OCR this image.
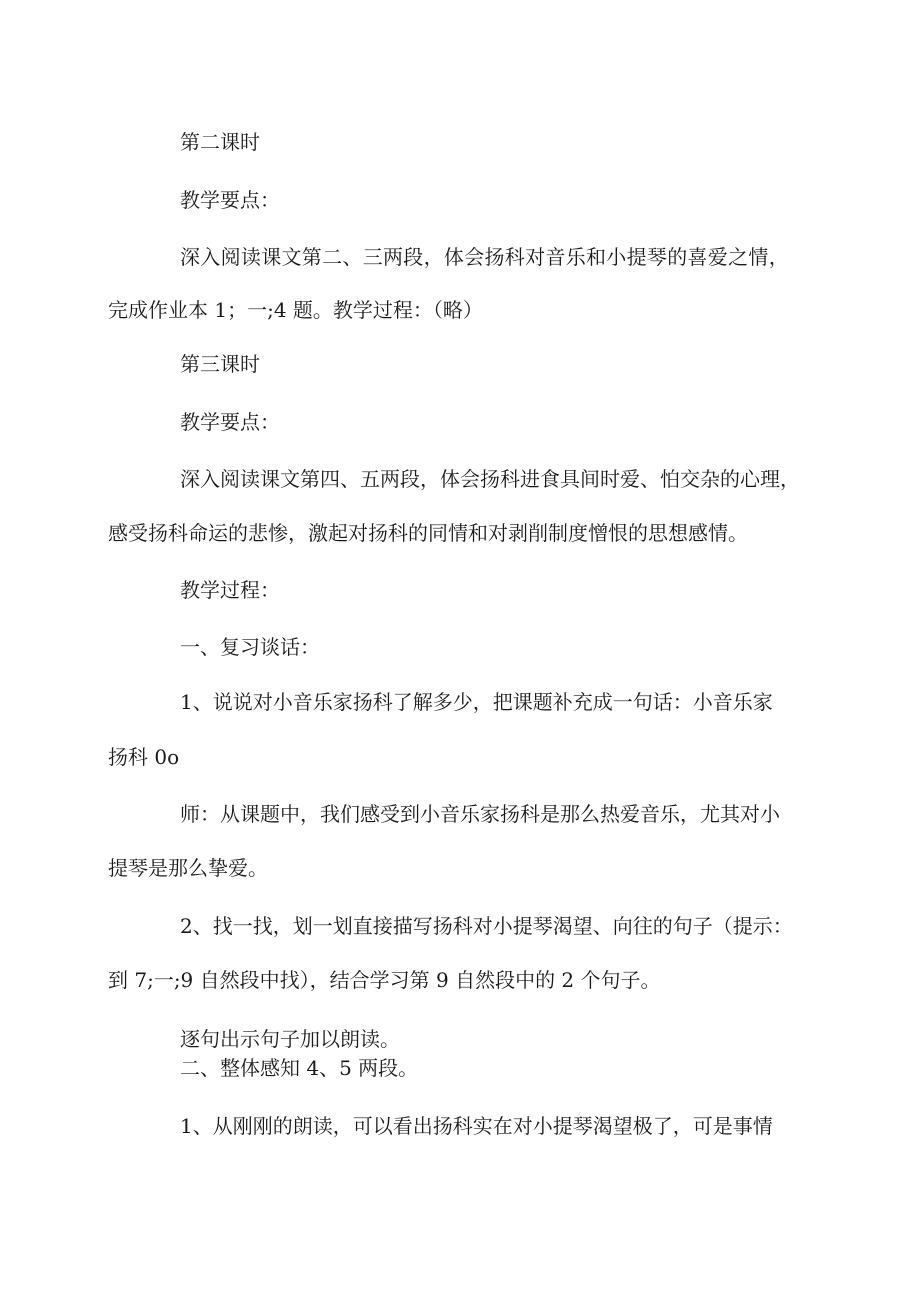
第二课时

教学要点：

深入阅读课文第二、三两段，体会扬科对音乐和小提琴的喜爱之情，

完成作业本 1；一;4 题。教学过程：（略）

第三课时

教学要点：

深入阅读课文第四、五两段，体会扬科进食具间时爱、怕交杂的心理，

感受扬科命运的悲惨，激起对扬科的同情和对剥削制度憎恨的思想感情。

教学过程：

一、复习谈话：

1、说说对小音乐家扬科了解多少，把课题补充成一句话：小音乐家

扬科 0o

师：从课题中，我们感受到小音乐家扬科是那么热爱音乐，尤其对小

提琴是那么挚爱。

2、找一找，划一划直接描写扬科对小提琴渴望、向往的句子（提示：

到 7;一;9 自然段中找），结合学习第 9 自然段中的 2 个句子。

逐句出示句子加以朗读。

二、整体感知 4、5 两段。

1、从刚刚的朗读，可以看出扬科实在对小提琴渴望极了，可是事情
